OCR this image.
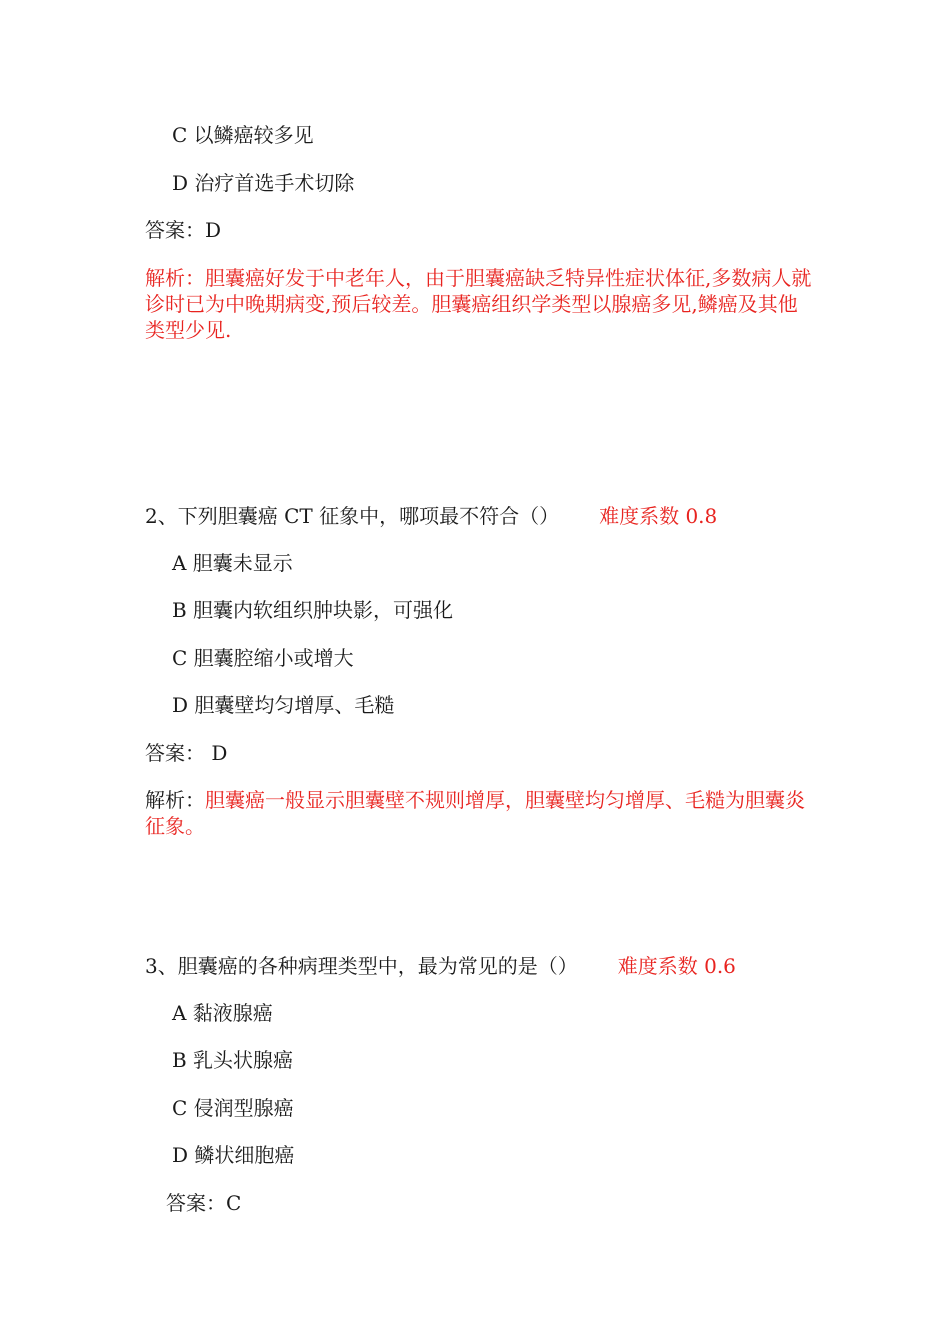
C 以鳞癌较多见
D 治疗首选手术切除
答案：D
解析：胆囊癌好发于中老年人，由于胆囊癌缺乏特异性症状体征,多数病人就诊时已为中晚期病变,预后较差。胆囊癌组织学类型以腺癌多见,鳞癌及其他类型少见.
2、下列胆囊癌 CT 征象中，哪项最不符合（） 难度系数 0.8
A 胆囊未显示
B 胆囊内软组织肿块影，可强化
C 胆囊腔缩小或增大
D 胆囊壁均匀增厚、毛糙
答案： D
解析：胆囊癌一般显示胆囊壁不规则增厚，胆囊壁均匀增厚、毛糙为胆囊炎征象。
3、胆囊癌的各种病理类型中，最为常见的是（） 难度系数 0.6
A 黏液腺癌
B 乳头状腺癌
C 侵润型腺癌
D 鳞状细胞癌
答案：C
